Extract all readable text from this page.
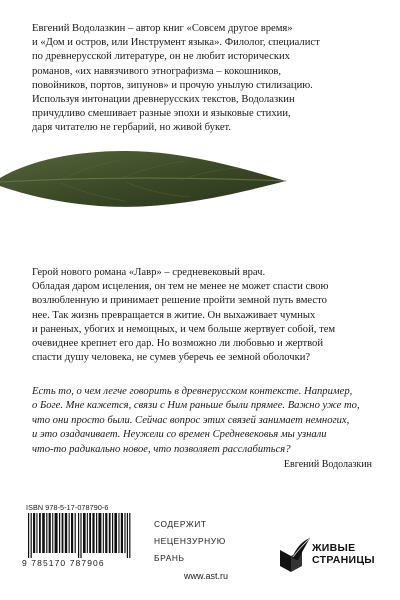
Евгений Водолазкин – автор книг «Совсем другое время»

и «Дом и остров, или Инструмент языка». Филолог, специалист

по древнерусской литературе, он не любит исторических

романов, «их навязчивого этнографизма – кокошников,

повойников, портов, зипунов» и прочую унылую стилизацию.

Используя интонации древнерусских текстов, Водолазкин

причудливо смешивает разные эпохи и языковые стихии,

даря читателю не гербарий, но живой букет.

Герой нового романа «Лавр» – средневековый врач.

Обладая даром исцеления, он тем не менее не может спасти свою

возлюбленную и принимает решение пройти земной путь вместо

нее. Так жизнь превращается в житие. Он выхаживает чумных

и раненых, убогих и немощных, и чем больше жертвует собой, тем

очевиднее крепнет его дар. Но возможно ли любовью и жертвой

спасти душу человека, не сумев уберечь ее земной оболочки?

Есть то, о чем легче говорить в древнерусском контексте. Например,

о Боге. Мне кажется, связи с Ним раньше были прямее. Важно уже то,

что они просто были. Сейчас вопрос этих связей занимает немногих,

и это озадачивает. Неужели со времен Средневековья мы узнали

что-то радикально новое, что позволяет расслабиться?

Евгений Водолазкин
ISBN 978-5-17-078790-6
9 785170 787906
СОДЕРЖИТ
НЕЦЕНЗУРНУЮ
БРАНЬ
www.ast.ru
ЖИВЫЕ
СТРАНИЦЫ
